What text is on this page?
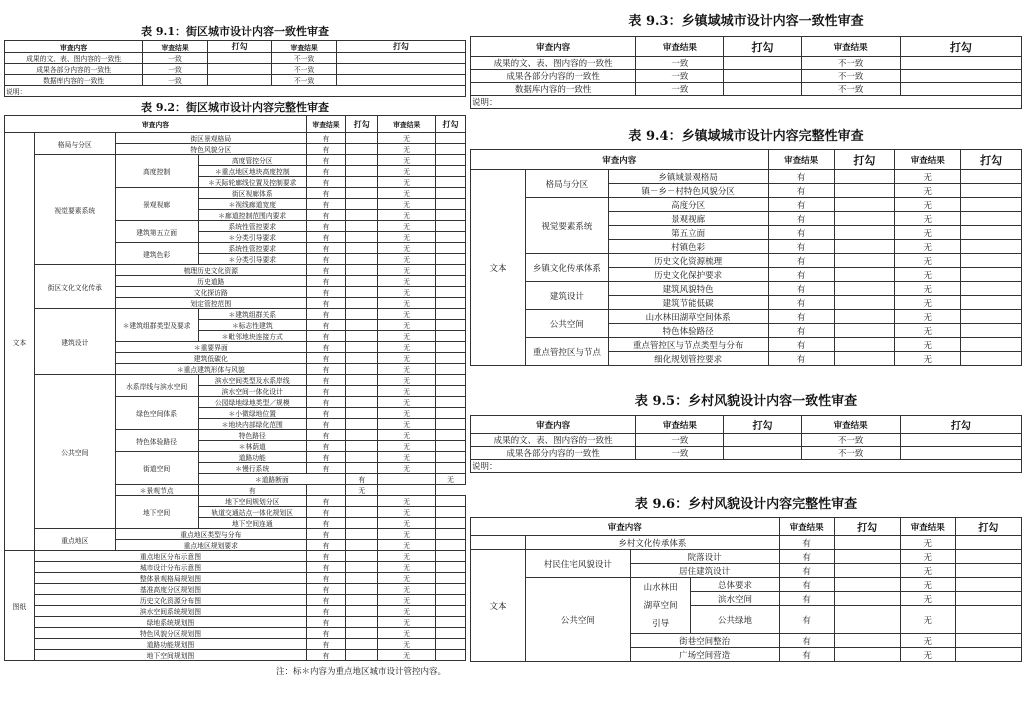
表 9.1：街区城市设计内容一致性审查
审查内容	审查结果	打勾	审查结果	打勾
成果的文、表、图内容的一致性	一致		不一致	
成果各部分内容的一致性	一致		不一致	
数据库内容的一致性	一致		不一致	
说明：				
表 9.2：街区城市设计内容完整性审查
审查内容				审查结果	打勾	审查结果	打勾	
文本	格局与分区	街区景观格局		有		无		
		特色风貌分区		有		无		
	视觉要素系统	高度控制	高度管控分区	有		无		
			＊重点地区地块高度控制	有		无		
			＊天际轮廓线位置及控制要求	有		无		
		景观视廊	街区视廊体系	有		无		
			＊视线廊道宽度	有		无		
			＊廊道控制范围内要求	有		无		
		建筑第五立面	系统性管控要求	有		无		
			＊分类引导要求	有		无		
		建筑色彩	系统性管控要求	有		无		
			＊分类引导要求	有		无		
	街区文化文化传承	梳理历史文化资源		有		无		
		历史道路		有		无		
		文化探访路		有		无		
		划定管控范围		有		无		
	建筑设计	＊建筑组群类型及要求	＊建筑组群关系	有		无		
			＊标志性建筑	有		无		
			＊毗邻地块连接方式	有		无		
		＊重要界面		有		无		
		建筑低碳化		有		无		
		＊重点建筑形体与风貌		有		无		
	公共空间	水系岸线与滨水空间	滨水空间类型及水系岸线	有		无		
			滨水空间一体化设计	有		无		
		绿色空间体系	公园绿地绿地类型／规模	有		无		
			＊小微绿地位置	有		无		
			＊地块内部绿化范围	有		无		
		特色体验路径	特色路径	有		无		
			＊林荫道	有		无		
		街道空间	道路功能	有		无		
			＊慢行系统	有		无		
			＊道路断面		有		无	
		＊景观节点	有		无			
		地下空间	地下空间规划分区	有		无		
			轨道交通站点一体化规划区	有		无		
			地下空间连通	有		无		
	重点地区	重点地区类型与分布		有		无		
		重点地区规划要求		有		无		
图纸	重点地区分布示意图			有		无		
	城市设计分布示意图			有		无		
	整体景观格局规划图			有		无		
	基准高度分区规划图			有		无		
	历史文化资源分布图			有		无		
	滨水空间系统规划图			有		无		
	绿地系统规划图			有		无		
	特色风貌分区规划图			有		无		
	道路功能规划图			有		无		
	地下空间规划图			有		无		
注：标＊内容为重点地区城市设计管控内容。
表 9.3：乡镇域城市设计内容一致性审查
审查内容	审查结果	打勾	审查结果	打勾
成果的文、表、图内容的一致性	一致		不一致	
成果各部分内容的一致性	一致		不一致	
数据库内容的一致性	一致		不一致	
说明：				
表 9.4：乡镇域城市设计内容完整性审查
审查内容			审查结果	打勾	审查结果	打勾
文本	格局与分区	乡镇域景观格局	有		无	
		镇－乡－村特色风貌分区	有		无	
	视觉要素系统	高度分区	有		无	
		景观视廊	有		无	
		第五立面	有		无	
		村镇色彩	有		无	
	乡镇文化传承体系	历史文化资源梳理	有		无	
		历史文化保护要求	有		无	
	建筑设计	建筑风貌特色	有		无	
		建筑节能低碳	有		无	
	公共空间	山水林田湖草空间体系	有		无	
		特色体验路径	有		无	
	重点管控区与节点	重点管控区与节点类型与分布	有		无	
		细化规划管控要求	有		无	
表 9.5：乡村风貌设计内容一致性审查
审查内容	审查结果	打勾	审查结果	打勾
成果的文、表、图内容的一致性	一致		不一致	
成果各部分内容的一致性	一致		不一致	
说明：				
表 9.6：乡村风貌设计内容完整性审查
审查内容				审查结果	打勾	审查结果	打勾
	乡村文化传承体系			有		无	
文本	村民住宅风貌设计	院落设计		有		无	
		居住建筑设计		有		无	
	公共空间	山水林田
湖草空间
引导	总体要求	有		无	
			滨水空间	有		无	
			公共绿地	有		无	
		街巷空间整治		有		无	
		广场空间营造		有		无	
